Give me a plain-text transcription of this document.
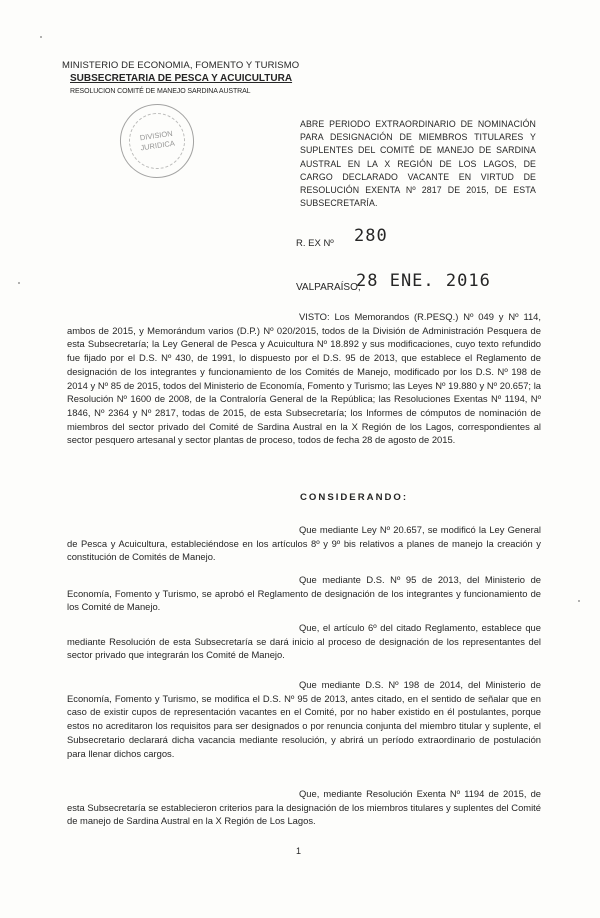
MINISTERIO DE ECONOMIA, FOMENTO Y TURISMO
SUBSECRETARIA DE PESCA Y ACUICULTURA
RESOLUCION COMITÉ DE MANEJO SARDINA AUSTRAL
DIVISION
JURIDICA
ABRE PERIODO EXTRAORDINARIO DE NOMINACIÓN PARA DESIGNACIÓN DE MIEMBROS TITULARES Y SUPLENTES DEL COMITÉ DE MANEJO DE SARDINA AUSTRAL EN LA X REGIÓN DE LOS LAGOS, DE CARGO DECLARADO VACANTE EN VIRTUD DE RESOLUCIÓN EXENTA Nº 2817 DE 2015, DE ESTA SUBSECRETARÍA.
R. EX Nº 280
VALPARAÍSO,
28 ENE. 2016
VISTO: Los Memorandos (R.PESQ.) Nº 049 y Nº 114, ambos de 2015, y Memorándum varios (D.P.) Nº 020/2015, todos de la División de Administración Pesquera de esta Subsecretaría; la Ley General de Pesca y Acuicultura Nº 18.892 y sus modificaciones, cuyo texto refundido fue fijado por el D.S. Nº 430, de 1991, lo dispuesto por el D.S. 95 de 2013, que establece el Reglamento de designación de los integrantes y funcionamiento de los Comités de Manejo, modificado por los D.S. Nº 198 de 2014 y Nº 85 de 2015, todos del Ministerio de Economía, Fomento y Turismo; las Leyes Nº 19.880 y Nº 20.657; la Resolución Nº 1600 de 2008, de la Contraloría General de la República; las Resoluciones Exentas Nº 1194, Nº 1846, Nº 2364 y Nº 2817, todas de 2015, de esta Subsecretaría; los Informes de cómputos de nominación de miembros del sector privado del Comité de Sardina Austral en la X Región de los Lagos, correspondientes al sector pesquero artesanal y sector plantas de proceso, todos de fecha 28 de agosto de 2015.
CONSIDERANDO:
Que mediante Ley Nº 20.657, se modificó la Ley General de Pesca y Acuicultura, estableciéndose en los artículos 8º y 9º bis relativos a planes de manejo la creación y constitución de Comités de Manejo.
Que mediante D.S. Nº 95 de 2013, del Ministerio de Economía, Fomento y Turismo, se aprobó el Reglamento de designación de los integrantes y funcionamiento de los Comité de Manejo.
Que, el artículo 6º del citado Reglamento, establece que mediante Resolución de esta Subsecretaría se dará inicio al proceso de designación de los representantes del sector privado que integrarán los Comité de Manejo.
Que mediante D.S. Nº 198 de 2014, del Ministerio de Economía, Fomento y Turismo, se modifica el D.S. Nº 95 de 2013, antes citado, en el sentido de señalar que en caso de existir cupos de representación vacantes en el Comité, por no haber existido en él postulantes, porque estos no acreditaron los requisitos para ser designados o por renuncia conjunta del miembro titular y suplente, el Subsecretario declarará dicha vacancia mediante resolución, y abrirá un período extraordinario de postulación para llenar dichos cargos.
Que, mediante Resolución Exenta Nº 1194 de 2015, de esta Subsecretaría se establecieron criterios para la designación de los miembros titulares y suplentes del Comité de manejo de Sardina Austral en la X Región de Los Lagos.
1
